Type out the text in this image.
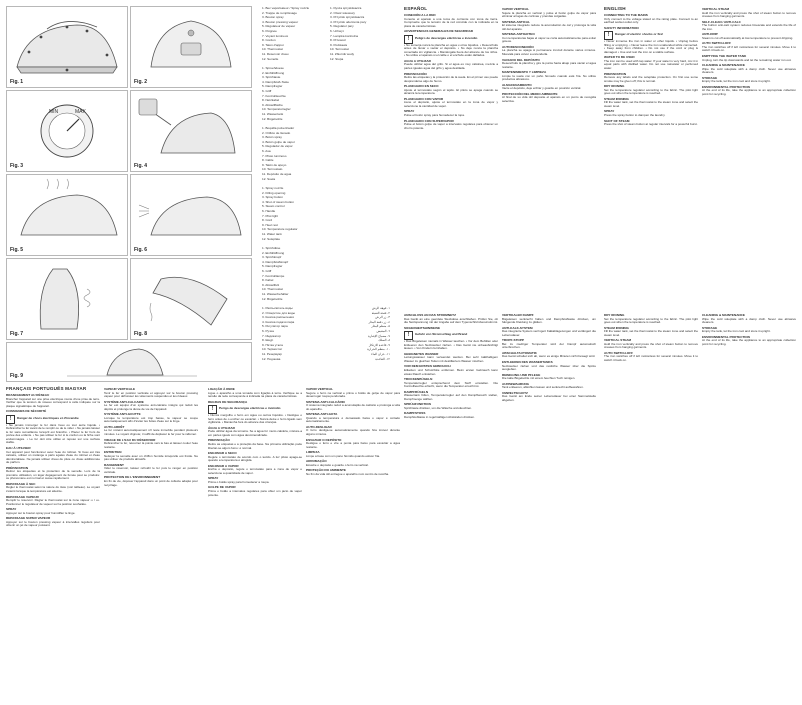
Fig. 1	Fig. 2
MIN	MAX
Fig. 3	Fig. 4
Fig. 5	Fig. 6
Fig. 7	Fig. 8
Fig. 9
1. Bec vaporisateur / Spray nozzle
2. Trappe de remplissage
3. Bouton spray
4. Bouton pressing vapeur
5. Régulateur de vapeur
6. Poignée
7. Voyant lumineux
8. Cordon
9. Talon d'appui
10. Thermostat
11. Réservoir d'eau
12. Semelle
1. Spruehduese
2. Einfüllöffnung
3. Sprühtaste
4. Dampfstoß-Taste
5. Dampfregler
6. Griff
7. Kontrollleuchte
8. Netzkabel
9. Abstellfläche
10. Temperaturregler
11. Wassertank
12. Bügelsohle
1. Boquilla pulverizador
2. Orificio de llenado
3. Botón spray
4. Botón golpe de vapor
5. Regulador de vapor
6. Asa
7. Piloto luminoso
8. Cable
9. Talón de apoyo
10. Termostato
11. Depósito de agua
12. Suela
1. Spray nozzle
2. Filling opening
3. Spray button
4. Shot of steam button
5. Steam control
6. Handle
7. Pilot light
8. Cord
9. Heel rest
10. Temperature regulator
11. Water tank
12. Soleplate
1. Sprühdüse
2. Einfüllöffnung
3. Sprühknopf
4. Dampfstoßknopf
5. Dampfregler
6. Griff
7. Kontrolllampe
8. Kabel
9. Abstellfuß
10. Thermostat
11. Wasserbehälter
12. Bügelsohle
1. Распылитель воды
2. Отверстие для воды
3. Кнопка распыления
4. Кнопка подачи пара
5. Регулятор пара
6. Ручка
7. Индикатор
8. Шнур
9. Пятка утюга
10. Термостат
11. Резервуар
12. Подошва
1. Dysza spryskiwacza
2. Otwór wlewowy
3. Przycisk spryskiwacza
4. Przycisk uderzenia pary
5. Regulator pary
6. Uchwyt
7. Lampka kontrolna
8. Przewód
9. Podstawa
10. Termostat
11. Zbiornik wody
12. Stopa
١- فوهة الرش
٢- فتحة التعبئة
٣- زر الرش
٤- زر دفعة البخار
٥- منظم البخار
٦- المقبض
٧- مصباح الإشارة
٨- السلك
٩- قاعدة الارتكاز
١٠- منظم الحرارة
١١- خزان الماء
١٢- القاعدة
FRANÇAIS PORTUGUÊS MAGYAR
BRANCHEMENT AU RÉSEAU
Brancher l'appareil sur une prise électrique munie d'une prise de terre. Vérifier que la tension du réseau correspond à celle indiquée sur la plaque signalétique de l'appareil.
CONSIGNES DE SÉCURITÉ
!	Danger de chocs électriques et d'incendie
• Ne jamais immerger le fer dans l'eau ou tout autre liquide. • Débrancher le fer avant de le remplir ou de le vider. • Ne jamais laisser le fer sans surveillance lorsqu'il est branché. • Placer le fer hors de portée des enfants. • Ne pas utiliser le fer si le cordon ou la fiche sont endommagés. • Le fer doit être utilisé et reposé sur une surface stable.
EAU À UTILISER
Cet appareil peut fonctionner avec l'eau du robinet. Si l'eau est très calcaire, utiliser un mélange à parts égales d'eau du robinet et d'eau déminéralisée. Ne jamais utiliser d'eau de pluie ou d'eau additionnée de parfum.
PRÉPARATION
Retirer les étiquettes et la protection de la semelle. Lors de la première utilisation, un léger dégagement de fumée peut se produire: ce phénomène est normal et cesse rapidement.
REPASSAGE À SEC
Régler le thermostat selon la nature du tissu (voir tableau). Le voyant s'éteint lorsque la température est atteinte.
REPASSAGE VAPEUR
Remplir le réservoir. Régler le thermostat sur la zone vapeur •• / •••. Positionner le régulateur de vapeur sur la position souhaitée.
SPRAY
Appuyer sur le bouton spray pour humidifier le linge.
REPASSAGE SUPER VAPEUR
Appuyer sur le bouton pressing vapeur à intervalles réguliers pour obtenir un jet de vapeur puissant.
VAPEUR VERTICALE
Tenir le fer en position verticale et appuyer sur le bouton pressing vapeur pour défroisser les vêtements suspendus et les rideaux.
SYSTÈME ANTI-CALCAIRE
Le fer est équipé d'un système anti-calcaire intégré qui réduit les dépôts et prolonge la durée de vie de l'appareil.
SYSTÈME ANTI-GOUTTE
Lorsque la température est trop basse, la vapeur se coupe automatiquement afin d'éviter les fuites d'eau sur le linge.
AUTO-ARRÊT
Le fer s'éteint automatiquement s'il reste immobile pendant plusieurs minutes. Le voyant clignote; il suffit de déplacer le fer pour le rallumer.
VIDAGE DE L'EAU DU RÉSERVOIR
Débrancher le fer, retourner la pointe vers le bas et laisser couler l'eau restante.
ENTRETIEN
Nettoyer la semelle avec un chiffon humide lorsqu'elle est froide. Ne pas utiliser de produits abrasifs.
RANGEMENT
Vider le réservoir, laisser refroidir le fer puis le ranger en position verticale.
PROTECTION DE L'ENVIRONNEMENT
En fin de vie, déposer l'appareil dans un point de collecte adapté pour recyclage.
LIGAÇÃO À REDE
Ligue o aparelho a uma tomada com ligação à terra. Verifique se a tensão da rede corresponde à indicada na placa de características.
REGRAS DE SEGURANÇA
!	Perigo de descargas eléctricas e incêndio
• Nunca mergulhe o ferro em água ou outros líquidos. • Desligue o ferro antes de o encher ou esvaziar. • Nunca deixe o ferro ligado sem vigilância. • Mantenha fora do alcance das crianças.
ÁGUA A UTILIZAR
Pode utilizar água da torneira. Se a água for muito calcária, misture-a em partes iguais com água desmineralizada.
PREPARAÇÃO
Retire as etiquetas e a proteção da base. Na primeira utilização pode libertar-se algum fumo: é normal.
ENGOMAR A SECO
Regule o termóstato de acordo com o tecido. A luz piloto apaga-se quando a temperatura é atingida.
ENGOMAR A VAPOR
Encha o depósito, regule o termóstato para a zona de vapor e seleccione a quantidade de vapor.
SPRAY
Prima o botão spray para humedecer a roupa.
GOLPE DE VAPOR
Prima o botão a intervalos regulares para obter um jacto de vapor potente.
VAPOR VERTICAL
Segure o ferro na vertical e prima o botão de golpe de vapor para desenrugar roupa pendurada.
SISTEMA ANTI-CALCÁRIO
O sistema integrado reduz a acumulação de calcário e prolonga a vida do aparelho.
SISTEMA ANTI-GOTA
Quando a temperatura é demasiado baixa o vapor é cortado automaticamente.
AUTO-DESLIGAR
O ferro desliga-se automaticamente quando fica imóvel durante alguns minutos.
ESVAZIAR O DEPÓSITO
Desligue o ferro e vire a ponta para baixo para esvaziar a água restante.
LIMPEZA
Limpe a base com um pano húmido quando estiver fria.
ARRUMAÇÃO
Esvazie o depósito e guarde o ferro na vertical.
PROTEÇÃO DO AMBIENTE
No fim da vida útil entregue o aparelho num centro de recolha.
ESPAÑOL
CONEXIÓN A LA RED
Conecte el aparato a una toma de corriente con toma de tierra. Compruebe que la tensión de la red coincide con la indicada en la placa de características.
ADVERTENCIAS GENERALES DE SEGURIDAD
!	Peligro de descargas eléctricas e incendio
• No sumerja nunca la plancha en agua u otros líquidos. • Desenchufe antes de llenar o vaciar el depósito. • No deje nunca la plancha conectada sin vigilancia. • Manténgala fuera del alcance de los niños. • No utilice el aparato si el cable o el enchufe están dañados.
AGUA A UTILIZAR
Puede utilizar agua del grifo. Si el agua es muy calcárea, mezcle a partes iguales agua del grifo y agua destilada.
PREPARACIÓN
Retire las etiquetas y la protección de la suela. En el primer uso puede desprenderse algo de humo.
PLANCHADO EN SECO
Ajuste el termostato según el tejido. El piloto se apaga cuando se alcanza la temperatura.
PLANCHADO CON VAPOR
Llene el depósito, ajuste el termostato en la zona de vapor y seleccione la cantidad de vapor.
SPRAY
Pulse el botón spray para humedecer la ropa.
PLANCHADO CON SUPERVAPOR
Pulse el botón golpe de vapor a intervalos regulares para obtener un chorro potente.
VAPOR VERTICAL
Sujete la plancha en vertical y pulse el botón golpe de vapor para eliminar arrugas de cortinas y prendas colgadas.
SISTEMA ANTICAL
El sistema integrado reduce la acumulación de cal y prolonga la vida útil del aparato.
SISTEMA ANTIGOTEO
Con temperaturas bajas el vapor se corta automáticamente para evitar goteos.
AUTODESCONEXIÓN
La plancha se apaga si permanece inmóvil durante varios minutos. Muévala para volver a encenderla.
VACIADO DEL DEPÓSITO
Desenchufe la plancha y gire la punta hacia abajo para vaciar el agua restante.
MANTENIMIENTO Y LIMPIEZA
Limpie la suela con un paño húmedo cuando esté fría. No utilice productos abrasivos.
ALMACENAMIENTO
Vacíe el depósito, deje enfriar y guarde en posición vertical.
PROTECCIÓN DEL MEDIO AMBIENTE
Al final de su vida útil deposite el aparato en un punto de recogida selectiva.
ENGLISH
CONNECTING TO THE MAINS
Only connect to the voltage stated on the rating plate. Connect to an earthed socket outlet only.
SAFETY INFORMATION
!	Danger of electric shocks or fire!
• Never immerse the iron in water or other liquids. • Unplug before filling or emptying. • Never leave the iron unattended while connected. • Keep away from children. • Do not use if the cord or plug is damaged. • Use and rest the iron on a stable surface.
WATER TO BE USED
The iron can be used with tap water. If your water is very hard, mix it in equal parts with distilled water. Do not use rainwater or perfumed water.
PREPARATION
Remove any labels and the soleplate protection. On first use some smoke may be given off; this is normal.
DRY IRONING
Set the temperature regulator according to the fabric. The pilot light goes out when the temperature is reached.
STEAM IRONING
Fill the water tank, set the thermostat to the steam zone and select the steam level.
SPRAY
Press the spray button to dampen the laundry.
SHOT OF STEAM
Press the shot of steam button at regular intervals for a powerful burst.
VERTICAL STEAM
Hold the iron vertically and press the shot of steam button to remove creases from hanging garments.
SELF-CLEAN / ANTI-CALC
The built-in anti-calc system reduces limescale and extends the life of the iron.
ANTI-DRIP
Steam is cut off automatically at low temperature to prevent dripping.
AUTO SWITCH-OFF
The iron switches off if left motionless for several minutes. Move it to switch it back on.
EMPTYING THE WATER TANK
Unplug, turn the tip downwards and let the remaining water run out.
CLEANING & MAINTENANCE
Wipe the cold soleplate with a damp cloth. Never use abrasive cleaners.
STORAGE
Empty the tank, let the iron cool and store it upright.
ENVIRONMENTAL PROTECTION
At the end of its life, take the appliance to an appropriate collection point for recycling.
ANSCHLUSS AN DAS STROMNETZ
Das Gerät an eine geerdete Steckdose anschließen. Prüfen Sie, ob die Netzspannung mit der Angabe auf dem Typenschild übereinstimmt.
SICHERHEITSHINWEISE
!	Gefahr von Stromschlag und Brand
• Das Bügeleisen niemals in Wasser tauchen. • Vor dem Befüllen oder Entleeren den Netzstecker ziehen. • Das Gerät nie unbeaufsichtigt lassen. • Von Kindern fernhalten.
GEEIGNETES WASSER
Leitungswasser kann verwendet werden. Bei sehr kalkhaltigem Wasser zu gleichen Teilen mit destilliertem Wasser mischen.
VOR DEM ERSTEN GEBRAUCH
Etiketten und Schutzfolie entfernen. Beim ersten Gebrauch kann etwas Rauch entstehen.
TROCKENBÜGELN
Temperaturregler entsprechend dem Stoff einstellen. Die Kontrollleuchte erlischt, wenn die Temperatur erreicht ist.
DAMPFBÜGELN
Wassertank füllen, Temperaturregler auf den Dampfbereich stellen, Dampfmenge wählen.
SPRÜHFUNKTION
Sprühtaste drücken, um die Wäsche anzufeuchten.
DAMPFSTOSS
Dampfstoßtaste in regelmäßigen Abständen drücken.
VERTIKALER DAMPF
Bügeleisen senkrecht halten und Dampfstoßtaste drücken, um hängende Kleidung zu glätten.
ANTI-KALK-SYSTEM
Das integrierte System verringert Kalkablagerungen und verlängert die Lebensdauer.
TROPF-STOPP
Bei zu niedriger Temperatur wird der Dampf automatisch unterbrochen.
ABSCHALTAUTOMATIK
Das Gerät schaltet sich ab, wenn es einige Minuten nicht bewegt wird.
ENTLEEREN DES WASSERTANKS
Netzstecker ziehen und das restliche Wasser über die Spitze ausgießen.
REINIGUNG UND PFLEGE
Die kalte Bügelsohle mit einem feuchten Tuch reinigen.
AUFBEWAHRUNG
Tank entleeren, abkühlen lassen und senkrecht aufbewahren.
UMWELTSCHUTZ
Das Gerät am Ende seiner Lebensdauer bei einer Sammelstelle abgeben.
DRY IRONING
Set the temperature regulator according to the fabric. The pilot light goes out when the temperature is reached.
STEAM IRONING
Fill the water tank, set the thermostat to the steam zone and select the steam level.
VERTICAL STEAM
Hold the iron vertically and press the shot of steam button to remove creases from hanging garments.
AUTO SWITCH-OFF
The iron switches off if left motionless for several minutes. Move it to switch it back on.
CLEANING & MAINTENANCE
Wipe the cold soleplate with a damp cloth. Never use abrasive cleaners.
STORAGE
Empty the tank, let the iron cool and store it upright.
ENVIRONMENTAL PROTECTION
At the end of its life, take the appliance to an appropriate collection point for recycling.
